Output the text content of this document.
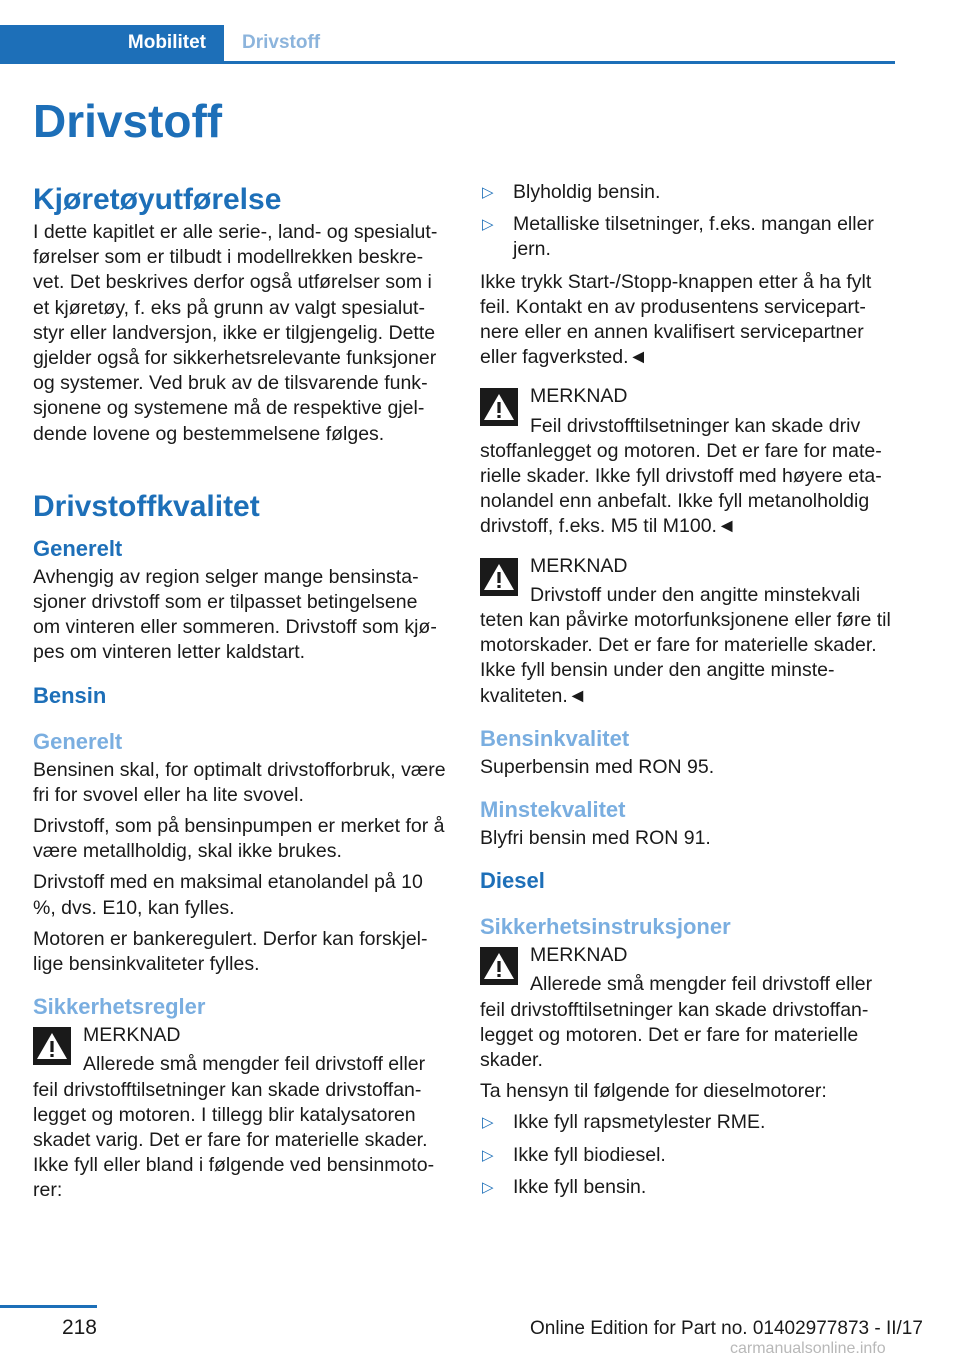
Mobilitet	Drivstoff
Drivstoff
Kjøretøyutførelse

I dette kapitlet er alle serie-, land- og spesialutførelser som er tilbudt i modellrekken beskrevet. Det beskrives derfor også utførelser som i et kjøretøy, f. eks på grunn av valgt spesialutstyr eller landversjon, ikke er tilgjengelig. Dette gjelder også for sikkerhetsrelevante funksjoner og systemer. Ved bruk av de tilsvarende funksjonene og systemene må de respektive gjeldende lovene og bestemmelsene følges.

Drivstoffkvalitet
Generelt

Avhengig av region selger mange bensinstasjoner drivstoff som er tilpasset betingelsene om vinteren eller sommeren. Drivstoff som kjøpes om vinteren letter kaldstart.

Bensin
Generelt

Bensinen skal, for optimalt drivstofforbruk, være fri for svovel eller ha lite svovel.

Drivstoff, som på bensinpumpen er merket for å være metallholdig, skal ikke brukes.

Drivstoff med en maksimal etanolandel på 10 %, dvs. E10, kan fylles.

Motoren er bankeregulert. Derfor kan forskjellige bensinkvaliteter fylles.

Sikkerhetsregler

MERKNAD

Allerede små mengder feil drivstoff eller

feil drivstofftilsetninger kan skade drivstoffanlegget og motoren. I tillegg blir katalysatoren skadet varig. Det er fare for materielle skader. Ikke fyll eller bland i følgende ved bensinmotorer:

▷ Blyholdig bensin.
▷ Metalliske tilsetninger, f.eks. mangan eller jern.

Ikke trykk Start-/Stopp-knappen etter å ha fylt feil. Kontakt en av produsentens servicepartnere eller en annen kvalifisert servicepartner eller fagverksted.◄

MERKNAD

Feil drivstofftilsetninger kan skade driv

stoffanlegget og motoren. Det er fare for materielle skader. Ikke fyll drivstoff med høyere etanolandel enn anbefalt. Ikke fyll metanolholdig drivstoff, f.eks. M5 til M100.◄

MERKNAD

Drivstoff under den angitte minstekvali

teten kan påvirke motorfunksjonene eller føre til motorskader. Det er fare for materielle skader. Ikke fyll bensin under den angitte minstekvaliteten.◄

Bensinkvalitet

Superbensin med RON 95.

Minstekvalitet

Blyfri bensin med RON 91.

Diesel
Sikkerhetsinstruksjoner

MERKNAD

Allerede små mengder feil drivstoff eller

feil drivstofftilsetninger kan skade drivstoffanlegget og motoren. Det er fare for materielle skader.

Ta hensyn til følgende for dieselmotorer:

▷ Ikke fyll rapsmetylester RME.
▷ Ikke fyll biodiesel.
▷ Ikke fyll bensin.
218	Online Edition for Part no. 01402977873 - II/17
carmanualsonline.info
